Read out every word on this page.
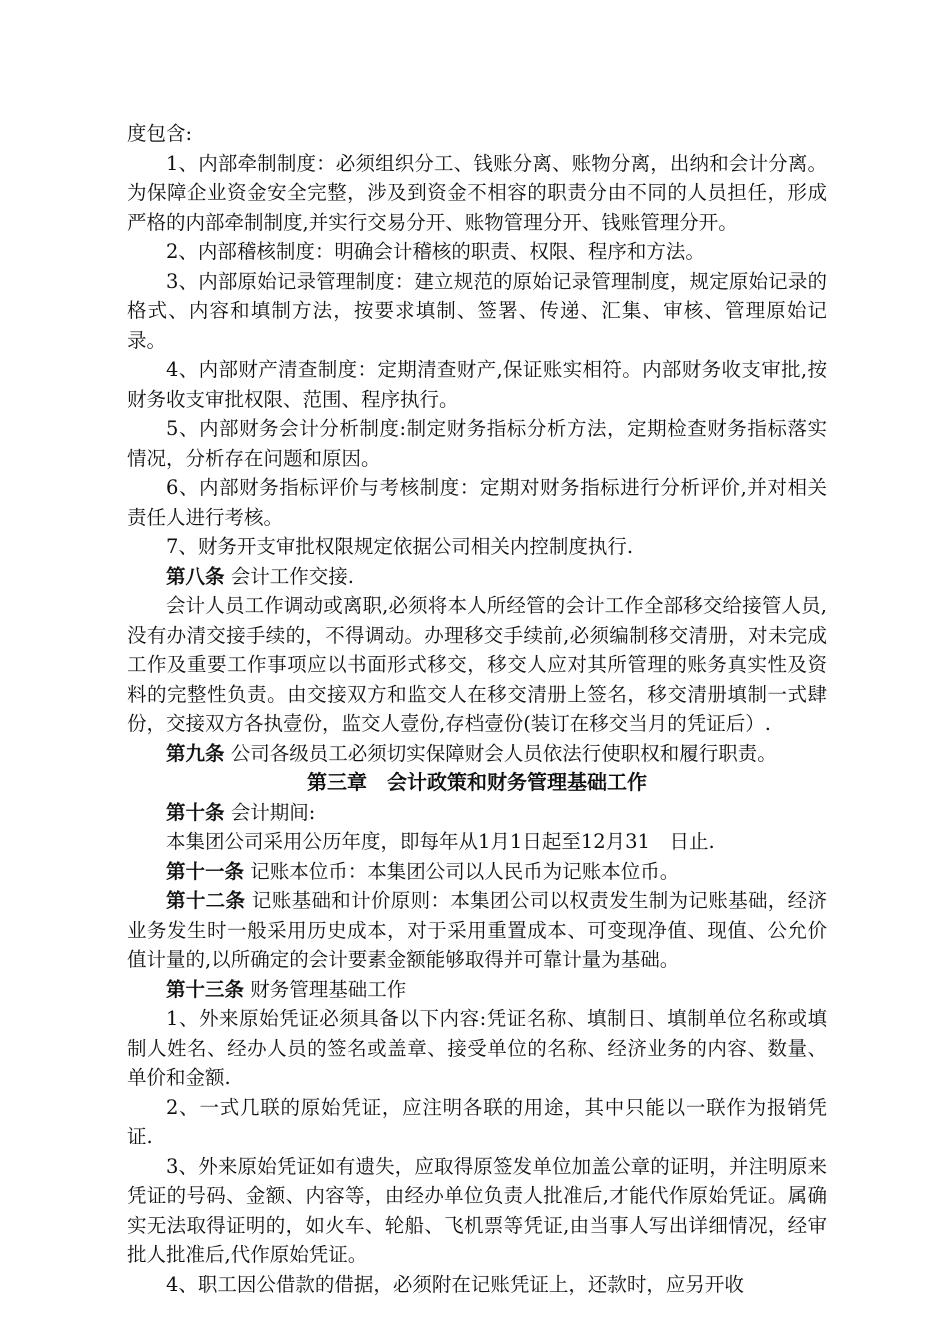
度包含:

1、内部牵制制度：必须组织分工、钱账分离、账物分离，出纳和会计分离。为保障企业资金安全完整，涉及到资金不相容的职责分由不同的人员担任，形成严格的内部牵制制度,并实行交易分开、账物管理分开、钱账管理分开。

2、内部稽核制度：明确会计稽核的职责、权限、程序和方法。

3、内部原始记录管理制度：建立规范的原始记录管理制度，规定原始记录的格式、内容和填制方法，按要求填制、签署、传递、汇集、审核、管理原始记录。

4、内部财产清查制度：定期清查财产,保证账实相符。内部财务收支审批,按财务收支审批权限、范围、程序执行。

5、内部财务会计分析制度:制定财务指标分析方法，定期检查财务指标落实情况，分析存在问题和原因。

6、内部财务指标评价与考核制度：定期对财务指标进行分析评价,并对相关责任人进行考核。

7、财务开支审批权限规定依据公司相关内控制度执行.

第八条 会计工作交接.

会计人员工作调动或离职,必须将本人所经管的会计工作全部移交给接管人员,没有办清交接手续的，不得调动。办理移交手续前,必须编制移交清册，对未完成工作及重要工作事项应以书面形式移交，移交人应对其所管理的账务真实性及资料的完整性负责。由交接双方和监交人在移交清册上签名，移交清册填制一式肆份，交接双方各执壹份，监交人壹份,存档壹份(装订在移交当月的凭证后）.

第九条 公司各级员工必须切实保障财会人员依法行使职权和履行职责。

第三章　会计政策和财务管理基础工作

第十条 会计期间:

本集团公司采用公历年度，即每年从1月1日起至12月31　日止.

第十一条 记账本位币：本集团公司以人民币为记账本位币。

第十二条 记账基础和计价原则：本集团公司以权责发生制为记账基础，经济业务发生时一般采用历史成本，对于采用重置成本、可变现净值、现值、公允价值计量的,以所确定的会计要素金额能够取得并可靠计量为基础。

第十三条 财务管理基础工作

1、外来原始凭证必须具备以下内容:凭证名称、填制日、填制单位名称或填制人姓名、经办人员的签名或盖章、接受单位的名称、经济业务的内容、数量、单价和金额.

2、一式几联的原始凭证，应注明各联的用途，其中只能以一联作为报销凭证.

3、外来原始凭证如有遗失，应取得原签发单位加盖公章的证明，并注明原来凭证的号码、金额、内容等，由经办单位负责人批准后,才能代作原始凭证。属确实无法取得证明的，如火车、轮船、飞机票等凭证,由当事人写出详细情况，经审批人批准后,代作原始凭证。

4、职工因公借款的借据，必须附在记账凭证上，还款时，应另开收
